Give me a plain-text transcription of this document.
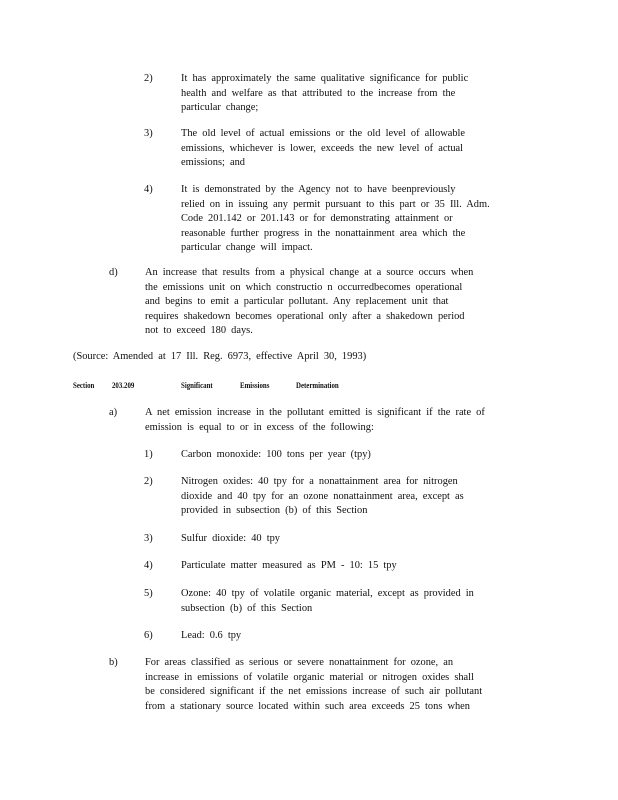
2)	It has approximately the same qualitative significance for public
health and welfare as that attributed to the increase from the
particular change;
3)	The old level of actual emissions or the old level of allowable
emissions, whichever is lower, exceeds the new level of actual
emissions; and
4)	It is demonstrated by the Agency not to have beenpreviously
relied on in issuing any permit pursuant to this part or 35 Ill. Adm.
Code 201.142 or 201.143 or for demonstrating attainment or
reasonable further progress in the nonattainment area which the
particular change will impact.
d)	An increase that results from a physical change at a source occurs when
the emissions unit on which constructio n occurredbecomes operational
and begins to emit a particular pollutant. Any replacement unit that
requires shakedown becomes operational only after a shakedown period
not to exceed 180 days.
(Source: Amended at 17 Ill. Reg. 6973, effective April 30, 1993)
Section 203.209	Significant	Emissions	Determination
a)	A net emission increase in the pollutant emitted is significant if the rate of
emission is equal to or in excess of the following:
1)	Carbon monoxide: 100 tons per year (tpy)
2)	Nitrogen oxides: 40 tpy for a nonattainment area for nitrogen
dioxide and 40 tpy for an ozone nonattainment area, except as
provided in subsection (b) of this Section
3)	Sulfur dioxide: 40 tpy
4)	Particulate matter measured as PM - 10: 15 tpy
5)	Ozone: 40 tpy of volatile organic material, except as provided in
subsection (b) of this Section
6)	Lead: 0.6 tpy
b)	For areas classified as serious or severe nonattainment for ozone, an
increase in emissions of volatile organic material or nitrogen oxides shall
be considered significant if the net emissions increase of such air pollutant
from a stationary source located within such area exceeds 25 tons when
